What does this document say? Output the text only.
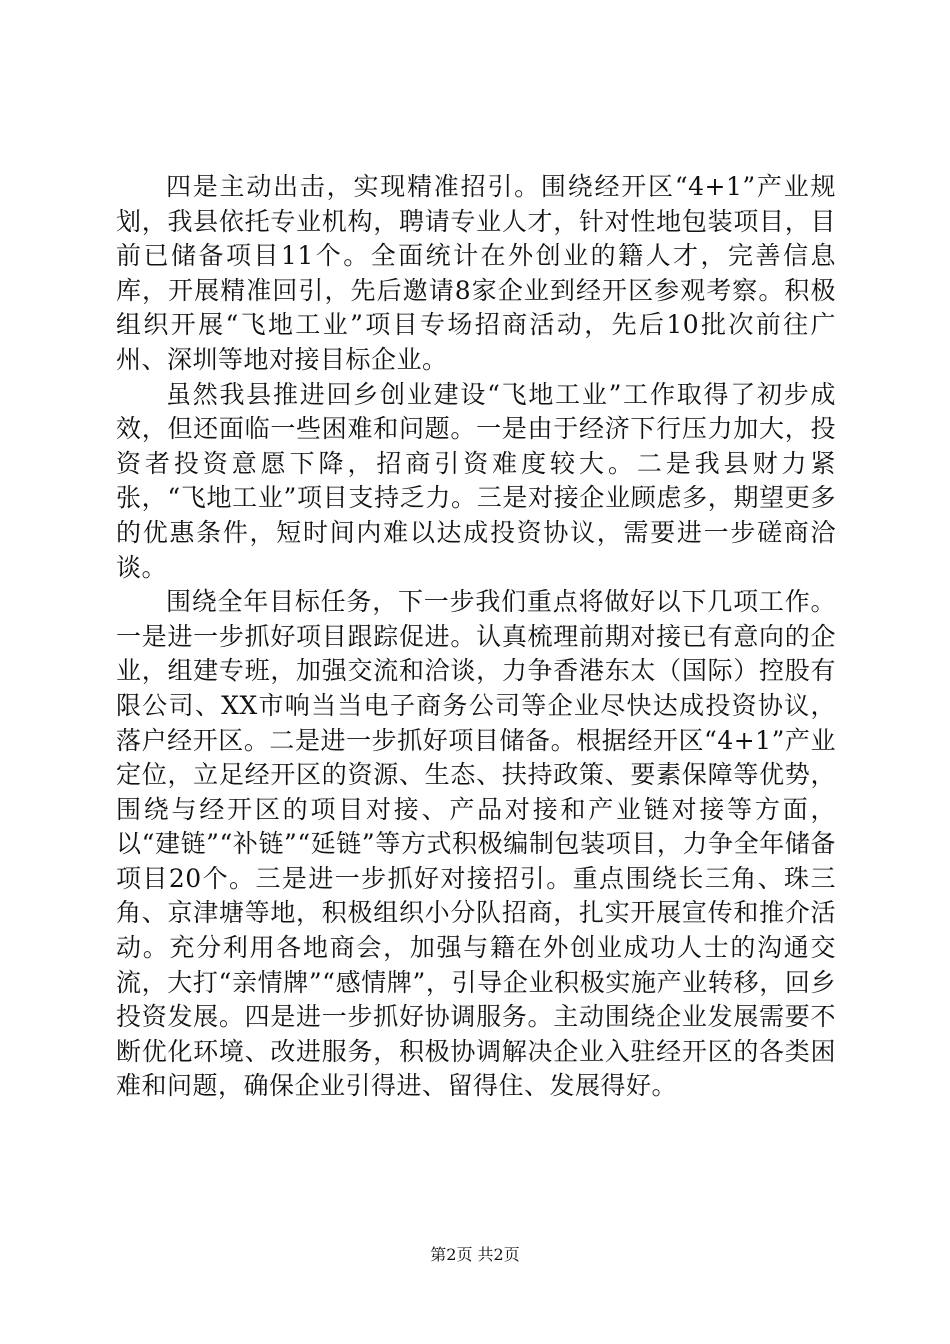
四是主动出击，实现精准招引。围绕经开区“4+1”产业规划，我县依托专业机构，聘请专业人才，针对性地包装项目，目前已储备项目11个。全面统计在外创业的籍人才，完善信息库，开展精准回引，先后邀请8家企业到经开区参观考察。积极组织开展“飞地工业”项目专场招商活动，先后10批次前往广州、深圳等地对接目标企业。

虽然我县推进回乡创业建设“飞地工业”工作取得了初步成效，但还面临一些困难和问题。一是由于经济下行压力加大，投资者投资意愿下降，招商引资难度较大。二是我县财力紧张，“飞地工业”项目支持乏力。三是对接企业顾虑多，期望更多的优惠条件，短时间内难以达成投资协议，需要进一步磋商洽谈。

围绕全年目标任务，下一步我们重点将做好以下几项工作。一是进一步抓好项目跟踪促进。认真梳理前期对接已有意向的企业，组建专班，加强交流和洽谈，力争香港东太（国际）控股有限公司、XX市响当当电子商务公司等企业尽快达成投资协议，落户经开区。二是进一步抓好项目储备。根据经开区“4+1”产业定位，立足经开区的资源、生态、扶持政策、要素保障等优势，围绕与经开区的项目对接、产品对接和产业链对接等方面，以“建链”“补链”“延链”等方式积极编制包装项目，力争全年储备项目20个。三是进一步抓好对接招引。重点围绕长三角、珠三角、京津塘等地，积极组织小分队招商，扎实开展宣传和推介活动。充分利用各地商会，加强与籍在外创业成功人士的沟通交流，大打“亲情牌”“感情牌”，引导企业积极实施产业转移，回乡投资发展。四是进一步抓好协调服务。主动围绕企业发展需要不断优化环境、改进服务，积极协调解决企业入驻经开区的各类困难和问题，确保企业引得进、留得住、发展得好。

第2页 共2页
